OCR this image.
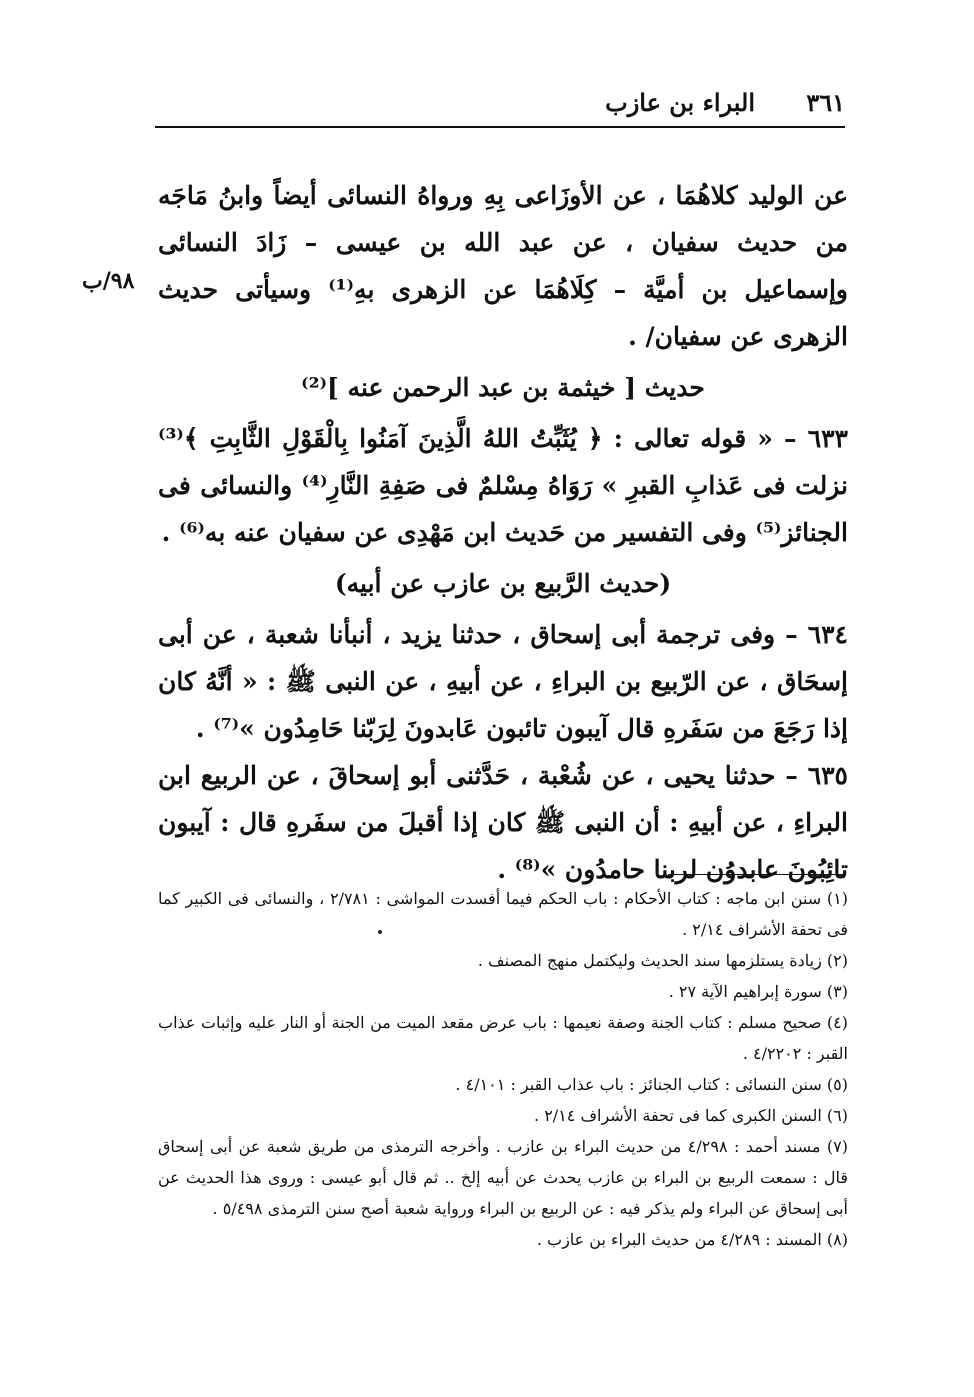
٣٦١
البراء بن عازب
٩٨/ب

عن الوليد كلاهُمَا ، عن الأوزَاعى بِهِ ورواهُ النسائى أيضاً وابنُ مَاجَه من حديث سفيان ، عن عبد الله بن عيسى – زَادَ النسائى وإسماعيل بن أميَّة – كِلَاهُمَا عن الزهرى بهِ⁽¹⁾ وسيأتى حديث الزهرى عن سفيان/ .

حديث [ خيثمة بن عبد الرحمن عنه ]⁽²⁾

٦٣٣ – « قوله تعالى : ﴿ يُثَبِّتُ اللهُ الَّذِينَ آمَنُوا بِالْقَوْلِ الثَّابِتِ ﴾⁽³⁾ نزلت فى عَذابِ القبرِ » رَوَاهُ مِسْلمٌ فى صَفِةِ النَّارِ⁽⁴⁾ والنسائى فى الجنائز⁽⁵⁾ وفى التفسير من حَديث ابن مَهْدِى عن سفيان عنه به⁽⁶⁾ .

(حديث الرَّبيع بن عازب عن أبيه)

٦٣٤ – وفى ترجمة أبى إسحاق ، حدثنا يزيد ، أنبأنا شعبة ، عن أبى إسحَاق ، عن الرّبيع بن البراءِ ، عن أبيهِ ، عن النبى ﷺ : « أنَّهُ كان إذا رَجَعَ من سَفَرهِ قال آيبون تائبون عَابدونَ لِرَبّنا حَامِدُون »⁽⁷⁾ .

٦٣٥ – حدثنا يحيى ، عن شُعْبة ، حَدَّثنى أبو إسحاقَ ، عن الربيع ابن البراءِ ، عن أبيهِ : أن النبى ﷺ كان إذا أقبلَ من سفَرهِ قال : آيبون تائِبُونَ عابدوُن لربنا حامدُون »⁽⁸⁾ .

(١) سنن ابن ماجه : كتاب الأحكام : باب الحكم فيما أفسدت المواشى : ٢/٧٨١ ، والنسائى فى الكبير كما فى تحفة الأشراف ٢/١٤ .

(٢) زيادة يستلزمها سند الحديث وليكتمل منهج المصنف .

(٣) سورة إبراهيم الآية ٢٧ .

(٤) صحيح مسلم : كتاب الجنة وصفة نعيمها : باب عرض مقعد الميت من الجنة أو النار عليه وإثبات عذاب القبر : ٤/٢٢٠٢ .

(٥) سنن النسائى : كتاب الجنائز : باب عذاب القبر : ٤/١٠١ .

(٦) السنن الكبرى كما فى تحفة الأشراف ٢/١٤ .

(٧) مسند أحمد : ٤/٢٩٨ من حديث البراء بن عازب . وأخرجه الترمذى من طريق شعبة عن أبى إسحاق قال : سمعت الربيع بن البراء بن عازب يحدث عن أبيه إلخ .. ثم قال أبو عيسى : وروى هذا الحديث عن أبى إسحاق عن البراء ولم يذكر فيه : عن الربيع بن البراء ورواية شعبة أصح سنن الترمذى ٥/٤٩٨ .

(٨) المسند : ٤/٢٨٩ من حديث البراء بن عازب .
